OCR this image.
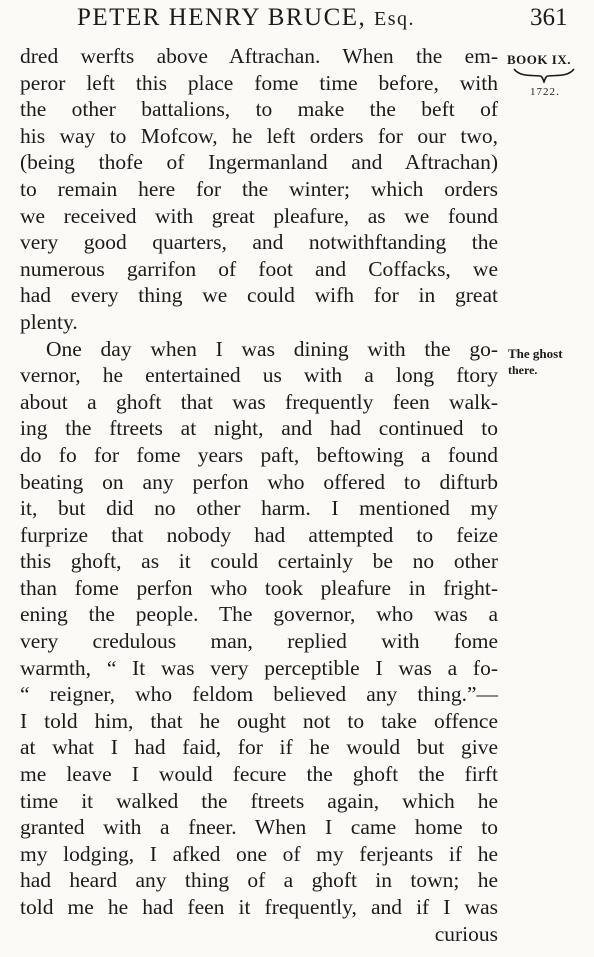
PETER HENRY BRUCE, Esq.	361
BOOK IX.
1722.
The ghost
there.
dred werfts above Aftrachan. When the em-
peror left this place fome time before, with
the other battalions, to make the beft of
his way to Mofcow, he left orders for our two,
(being thofe of Ingermanland and Aftrachan)
to remain here for the winter; which orders
we received with great pleafure, as we found
very good quarters, and notwithftanding the
numerous garrifon of foot and Coffacks, we
had every thing we could wifh for in great
plenty.
One day when I was dining with the go-
vernor, he entertained us with a long ftory
about a ghoft that was frequently feen walk-
ing the ftreets at night, and had continued to
do fo for fome years paft, beftowing a found
beating on any perfon who offered to difturb
it, but did no other harm. I mentioned my
furprize that nobody had attempted to feize
this ghoft, as it could certainly be no other
than fome perfon who took pleafure in fright-
ening the people. The governor, who was a
very credulous man, replied with fome
warmth, “ It was very perceptible I was a fo-
“ reigner, who feldom believed any thing.”—
I told him, that he ought not to take offence
at what I had faid, for if he would but give
me leave I would fecure the ghoft the firft
time it walked the ftreets again, which he
granted with a fneer. When I came home to
my lodging, I afked one of my ferjeants if he
had heard any thing of a ghoft in town; he
told me he had feen it frequently, and if I was
curious
